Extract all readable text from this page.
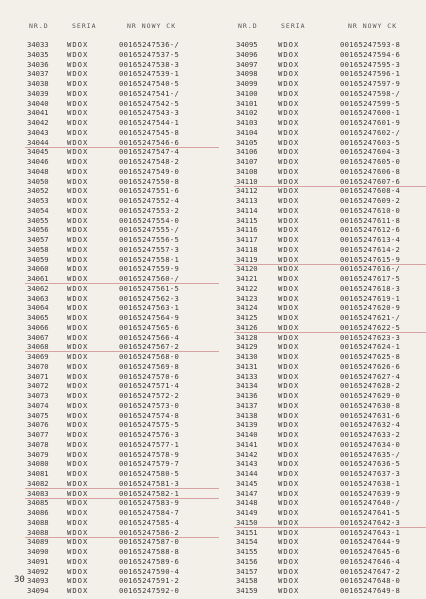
NR.D	SERIA	NR NOWY CK
34033	WDOX	00165247536-/
34035	WDOX	00165247537-5
34036	WDOX	00165247538-3
34037	WDOX	00165247539-1
34038	WDOX	00165247540-5
34039	WDOX	00165247541-/
34040	WDOX	00165247542-5
34041	WDOX	00165247543-3
34042	WDOX	00165247544-1
34043	WDOX	00165247545-8
34044	WDOX	00165247546-6
34045	WDOX	00165247547-4
34046	WDOX	00165247548-2
34048	WDOX	00165247549-0
34050	WDOX	00165247550-8
34052	WDOX	00165247551-6
34053	WDOX	00165247552-4
34054	WDOX	00165247553-2
34055	WDOX	00165247554-0
34056	WDOX	00165247555-/
34057	WDOX	00165247556-5
34058	WDOX	00165247557-3
34059	WDOX	00165247558-1
34060	WDOX	00165247559-9
34061	WDOX	00165247560-/
34062	WDOX	00165247561-5
34063	WDOX	00165247562-3
34064	WDOX	00165247563-1
34065	WDOX	00165247564-9
34066	WDOX	00165247565-6
34067	WDOX	00165247566-4
34068	WDOX	00165247567-2
34069	WDOX	00165247568-0
34070	WDOX	00165247569-8
34071	WDOX	00165247570-6
34072	WDOX	00165247571-4
34073	WDOX	00165247572-2
34074	WDOX	00165247573-0
34075	WDOX	00165247574-8
34076	WDOX	00165247575-5
34077	WDOX	00165247576-3
34078	WDOX	00165247577-1
34079	WDOX	00165247578-9
34080	WDOX	00165247579-7
34081	WDOX	00165247580-5
34082	WDOX	00165247581-3
34083	WDOX	00165247582-1
34085	WDOX	00165247583-9
34086	WDOX	00165247584-7
34088	WDOX	00165247585-4
34088	WDOX	00165247586-2
34089	WDOX	00165247587-0
34090	WDOX	00165247588-8
34091	WDOX	00165247589-6
34092	WDOX	00165247590-4
34093	WDOX	00165247591-2
34094	WDOX	00165247592-0
NR.D	SERIA	NR NOWY CK
34095	WDOX	00165247593-8
34096	WDOX	00165247594-6
34097	WDOX	00165247595-3
34098	WDOX	00165247596-1
34099	WDOX	00165247597-9
34100	WDOX	00165247598-/
34101	WDOX	00165247599-5
34102	WDOX	00165247600-1
34103	WDOX	00165247601-9
34104	WDOX	00165247602-/
34105	WDOX	00165247603-5
34106	WDOX	00165247604-3
34107	WDOX	00165247605-0
34108	WDOX	00165247606-8
34110	WDOX	00165247607-6
34112	WDOX	00165247608-4
34113	WDOX	00165247609-2
34114	WDOX	00165247610-0
34115	WDOX	00165247611-8
34116	WDOX	00165247612-6
34117	WDOX	00165247613-4
34118	WDOX	00165247614-2
34119	WDOX	00165247615-9
34120	WDOX	00165247616-/
34121	WDOX	00165247617-5
34122	WDOX	00165247618-3
34123	WDOX	00165247619-1
34124	WDOX	00165247620-9
34125	WDOX	00165247621-/
34126	WDOX	00165247622-5
34128	WDOX	00165247623-3
34129	WDOX	00165247624-1
34130	WDOX	00165247625-8
34131	WDOX	00165247626-6
34133	WDOX	00165247627-4
34134	WDOX	00165247628-2
34136	WDOX	00165247629-0
34137	WDOX	00165247630-8
34138	WDOX	00165247631-6
34139	WDOX	00165247632-4
34140	WDOX	00165247633-2
34141	WDOX	00165247634-0
34142	WDOX	00165247635-/
34143	WDOX	00165247636-5
34144	WDOX	00165247637-3
34145	WDOX	00165247638-1
34147	WDOX	00165247639-9
34148	WDOX	00165247640-/
34149	WDOX	00165247641-5
34150	WDOX	00165247642-3
34151	WDOX	00165247643-1
34154	WDOX	00165247644-9
34155	WDOX	00165247645-6
34156	WDOX	00165247646-4
34157	WDOX	00165247647-2
34158	WDOX	00165247648-0
34159	WDOX	00165247649-8
30
